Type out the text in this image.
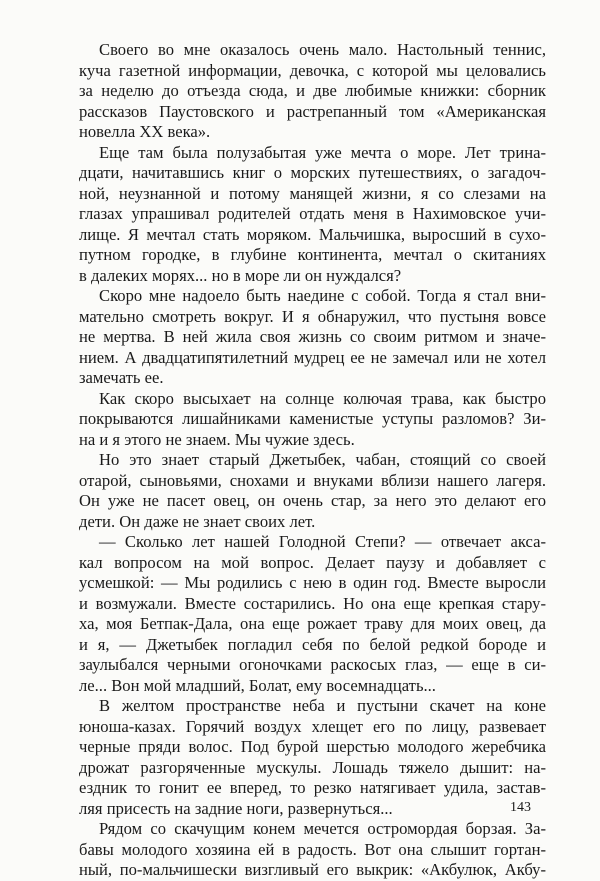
Своего во мне оказалось очень мало. Настольный теннис,
куча газетной информации, девочка, с которой мы целовались
за неделю до отъезда сюда, и две любимые книжки: сборник
рассказов Паустовского и растрепанный том «Американская
новелла XX века».

Еще там была полузабытая уже мечта о море. Лет трина-
дцати, начитавшись книг о морских путешествиях, о загадоч-
ной, неузнанной и потому манящей жизни, я со слезами на
глазах упрашивал родителей отдать меня в Нахимовское учи-
лище. Я мечтал стать моряком. Мальчишка, выросший в сухо-
путном городке, в глубине континента, мечтал о скитаниях
в далеких морях... но в море ли он нуждался?

Скоро мне надоело быть наедине с собой. Тогда я стал вни-
мательно смотреть вокруг. И я обнаружил, что пустыня вовсе
не мертва. В ней жила своя жизнь со своим ритмом и значе-
нием. А двадцатипятилетний мудрец ее не замечал или не хотел
замечать ее.

Как скоро высыхает на солнце колючая трава, как быстро
покрываются лишайниками каменистые уступы разломов? Зи-
на и я этого не знаем. Мы чужие здесь.

Но это знает старый Джетыбек, чабан, стоящий со своей
отарой, сыновьями, снохами и внуками вблизи нашего лагеря.
Он уже не пасет овец, он очень стар, за него это делают его
дети. Он даже не знает своих лет.

— Сколько лет нашей Голодной Степи? — отвечает акса-
кал вопросом на мой вопрос. Делает паузу и добавляет с
усмешкой: — Мы родились с нею в один год. Вместе выросли
и возмужали. Вместе состарились. Но она еще крепкая стару-
ха, моя Бетпак-Дала, она еще рожает траву для моих овец, да
и я, — Джетыбек погладил себя по белой редкой бороде и
заулыбался черными огоночками раскосых глаз, — еще в си-
ле... Вон мой младший, Болат, ему восемнадцать...

В желтом пространстве неба и пустыни скачет на коне
юноша-казах. Горячий воздух хлещет его по лицу, развевает
черные пряди волос. Под бурой шерстью молодого жеребчика
дрожат разгоряченные мускулы. Лошадь тяжело дышит: на-
ездник то гонит ее вперед, то резко натягивает удила, застав-
ляя присесть на задние ноги, развернуться...

Рядом со скачущим конем мечется остромордая борзая. За-
бавы молодого хозяина ей в радость. Вот она слышит гортан-
ный, по-мальчишески визгливый его выкрик: «Акбулюк, Акбу-

143
